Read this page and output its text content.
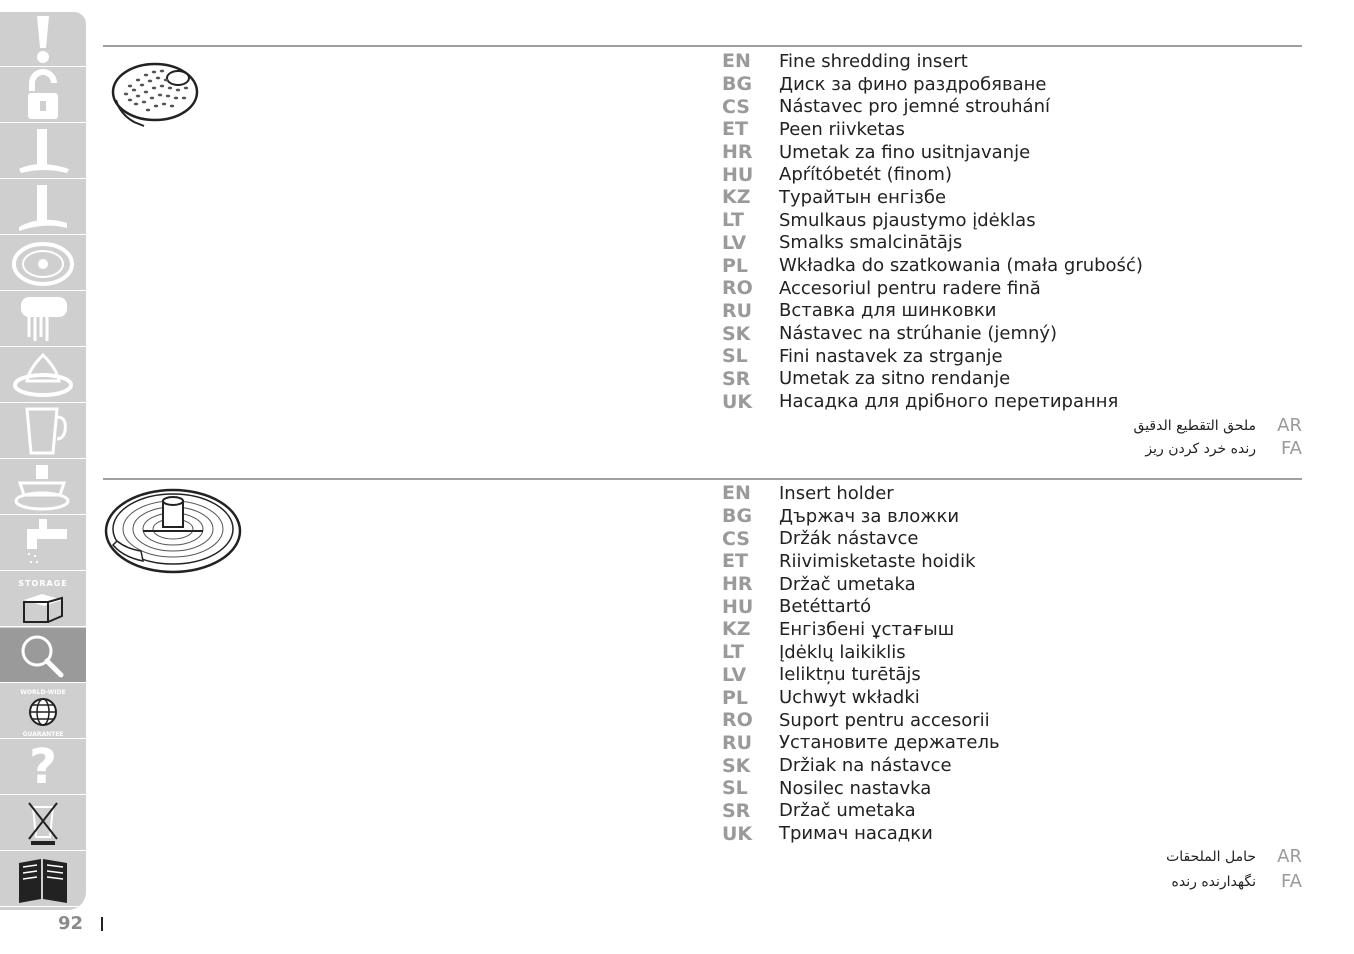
STORAGE
WORLD-WIDE
GUARANTEE
?
92
EN	Fine shredding insert
BG	Диск за фино раздробяване
CS	Nástavec pro jemné strouhání
ET	Peen riivketas
HR	Umetak za fino usitnjavanje
HU	Apŕítóbetét (finom)
KZ	Турайтын енгізбе
LT	Smulkaus pjaustymo įdėklas
LV	Smalks smalcinātājs
PL	Wkładka do szatkowania (mała grubość)
RO	Accesoriul pentru radere fină
RU	Вставка для шинковки
SK	Nástavec na strúhanie (jemný)
SL	Fini nastavek za strganje
SR	Umetak za sitno rendanje
UK	Насадка для дрібного перетирання
ملحق التقطيع الدقيق	AR
رنده خرد کردن ریز	FA
EN	Insert holder
BG	Държач за вложки
CS	Držák nástavce
ET	Riivimisketaste hoidik
HR	Držač umetaka
HU	Betéttartó
KZ	Енгізбені ұстағыш
LT	Įdėklų laikiklis
LV	Ieliktņu turētājs
PL	Uchwyt wkładki
RO	Suport pentru accesorii
RU	Установите держатель
SK	Držiak na nástavce
SL	Nosilec nastavka
SR	Držač umetaka
UK	Тримач насадки
حامل الملحقات	AR
نگهدارنده رنده	FA
